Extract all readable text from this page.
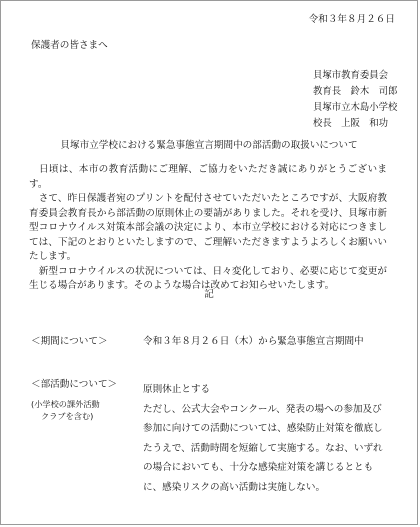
令和３年８月２６日
保護者の皆さまへ
貝塚市教育委員会
教育長　鈴木　司郎
貝塚市立木島小学校
校長　上阪　和功
貝塚市立学校における緊急事態宣言期間中の部活動の取扱いについて

　日頃は、本市の教育活動にご理解、ご協力をいただき誠にありがとうございます。

　さて、昨日保護者宛のプリントを配付させていただいたところですが、大阪府教育委員会教育長から部活動の原則休止の要請がありました。それを受け、貝塚市新型コロナウイルス対策本部会議の決定により、本市立学校における対応につきましては、下記のとおりといたしますので、ご理解いただきますようよろしくお願いいたします。

　新型コロナウイルスの状況については、日々変化しており、必要に応じて変更が生じる場合があります。そのような場合は改めてお知らせいたします。

記
＜期間について＞	令和３年８月２６日（木）から緊急事態宣言期間中
＜部活動について＞
(小学校の課外活動
クラブを含む)

原則休止とする

ただし、公式大会やコンクール、発表の場への参加及び参加に向けての活動については、感染防止対策を徹底したうえで、活動時間を短縮して実施する。なお、いずれの場合においても、十分な感染症対策を講じるとともに、感染リスクの高い活動は実施しない。
